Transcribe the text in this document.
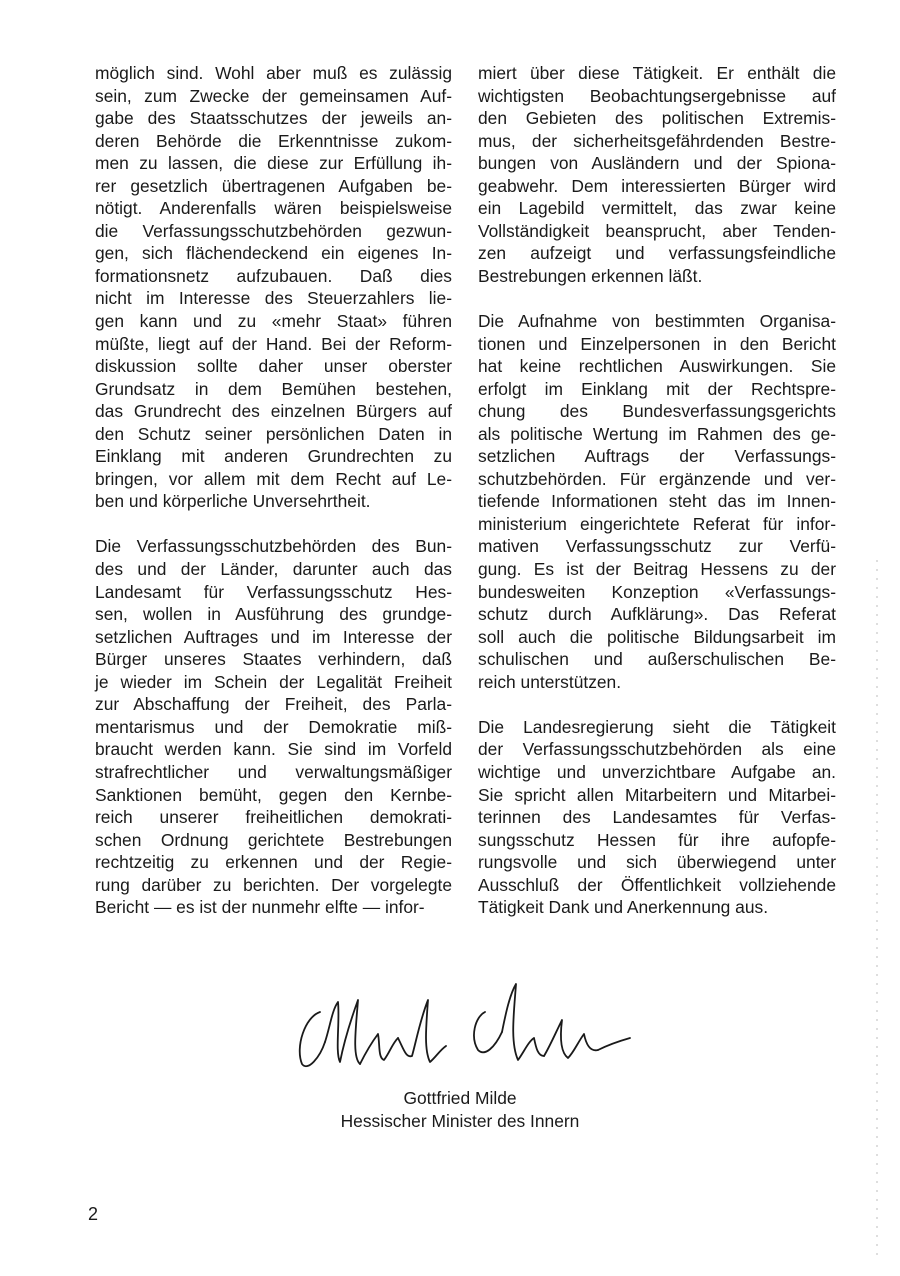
möglich sind. Wohl aber muß es zulässig
sein, zum Zwecke der gemeinsamen Auf-
gabe des Staatsschutzes der jeweils an-
deren Behörde die Erkenntnisse zukom-
men zu lassen, die diese zur Erfüllung ih-
rer gesetzlich übertragenen Aufgaben be-
nötigt. Anderenfalls wären beispielsweise
die Verfassungsschutzbehörden gezwun-
gen, sich flächendeckend ein eigenes In-
formationsnetz aufzubauen. Daß dies
nicht im Interesse des Steuerzahlers lie-
gen kann und zu «mehr Staat» führen
müßte, liegt auf der Hand. Bei der Reform-
diskussion sollte daher unser oberster
Grundsatz in dem Bemühen bestehen,
das Grundrecht des einzelnen Bürgers auf
den Schutz seiner persönlichen Daten in
Einklang mit anderen Grundrechten zu
bringen, vor allem mit dem Recht auf Le-
ben und körperliche Unversehrtheit.
Die Verfassungsschutzbehörden des Bun-
des und der Länder, darunter auch das
Landesamt für Verfassungsschutz Hes-
sen, wollen in Ausführung des grundge-
setzlichen Auftrages und im Interesse der
Bürger unseres Staates verhindern, daß
je wieder im Schein der Legalität Freiheit
zur Abschaffung der Freiheit, des Parla-
mentarismus und der Demokratie miß-
braucht werden kann. Sie sind im Vorfeld
strafrechtlicher und verwaltungsmäßiger
Sanktionen bemüht, gegen den Kernbe-
reich unserer freiheitlichen demokrati-
schen Ordnung gerichtete Bestrebungen
rechtzeitig zu erkennen und der Regie-
rung darüber zu berichten. Der vorgelegte
Bericht — es ist der nunmehr elfte — infor-
miert über diese Tätigkeit. Er enthält die
wichtigsten Beobachtungsergebnisse auf
den Gebieten des politischen Extremis-
mus, der sicherheitsgefährdenden Bestre-
bungen von Ausländern und der Spiona-
geabwehr. Dem interessierten Bürger wird
ein Lagebild vermittelt, das zwar keine
Vollständigkeit beansprucht, aber Tenden-
zen aufzeigt und verfassungsfeindliche
Bestrebungen erkennen läßt.
Die Aufnahme von bestimmten Organisa-
tionen und Einzelpersonen in den Bericht
hat keine rechtlichen Auswirkungen. Sie
erfolgt im Einklang mit der Rechtspre-
chung des Bundesverfassungsgerichts
als politische Wertung im Rahmen des ge-
setzlichen Auftrags der Verfassungs-
schutzbehörden. Für ergänzende und ver-
tiefende Informationen steht das im Innen-
ministerium eingerichtete Referat für infor-
mativen Verfassungsschutz zur Verfü-
gung. Es ist der Beitrag Hessens zu der
bundesweiten Konzeption «Verfassungs-
schutz durch Aufklärung». Das Referat
soll auch die politische Bildungsarbeit im
schulischen und außerschulischen Be-
reich unterstützen.
Die Landesregierung sieht die Tätigkeit
der Verfassungsschutzbehörden als eine
wichtige und unverzichtbare Aufgabe an.
Sie spricht allen Mitarbeitern und Mitarbei-
terinnen des Landesamtes für Verfas-
sungsschutz Hessen für ihre aufopfe-
rungsvolle und sich überwiegend unter
Ausschluß der Öffentlichkeit vollziehende
Tätigkeit Dank und Anerkennung aus.
Gottfried Milde
Hessischer Minister des Innern
2
